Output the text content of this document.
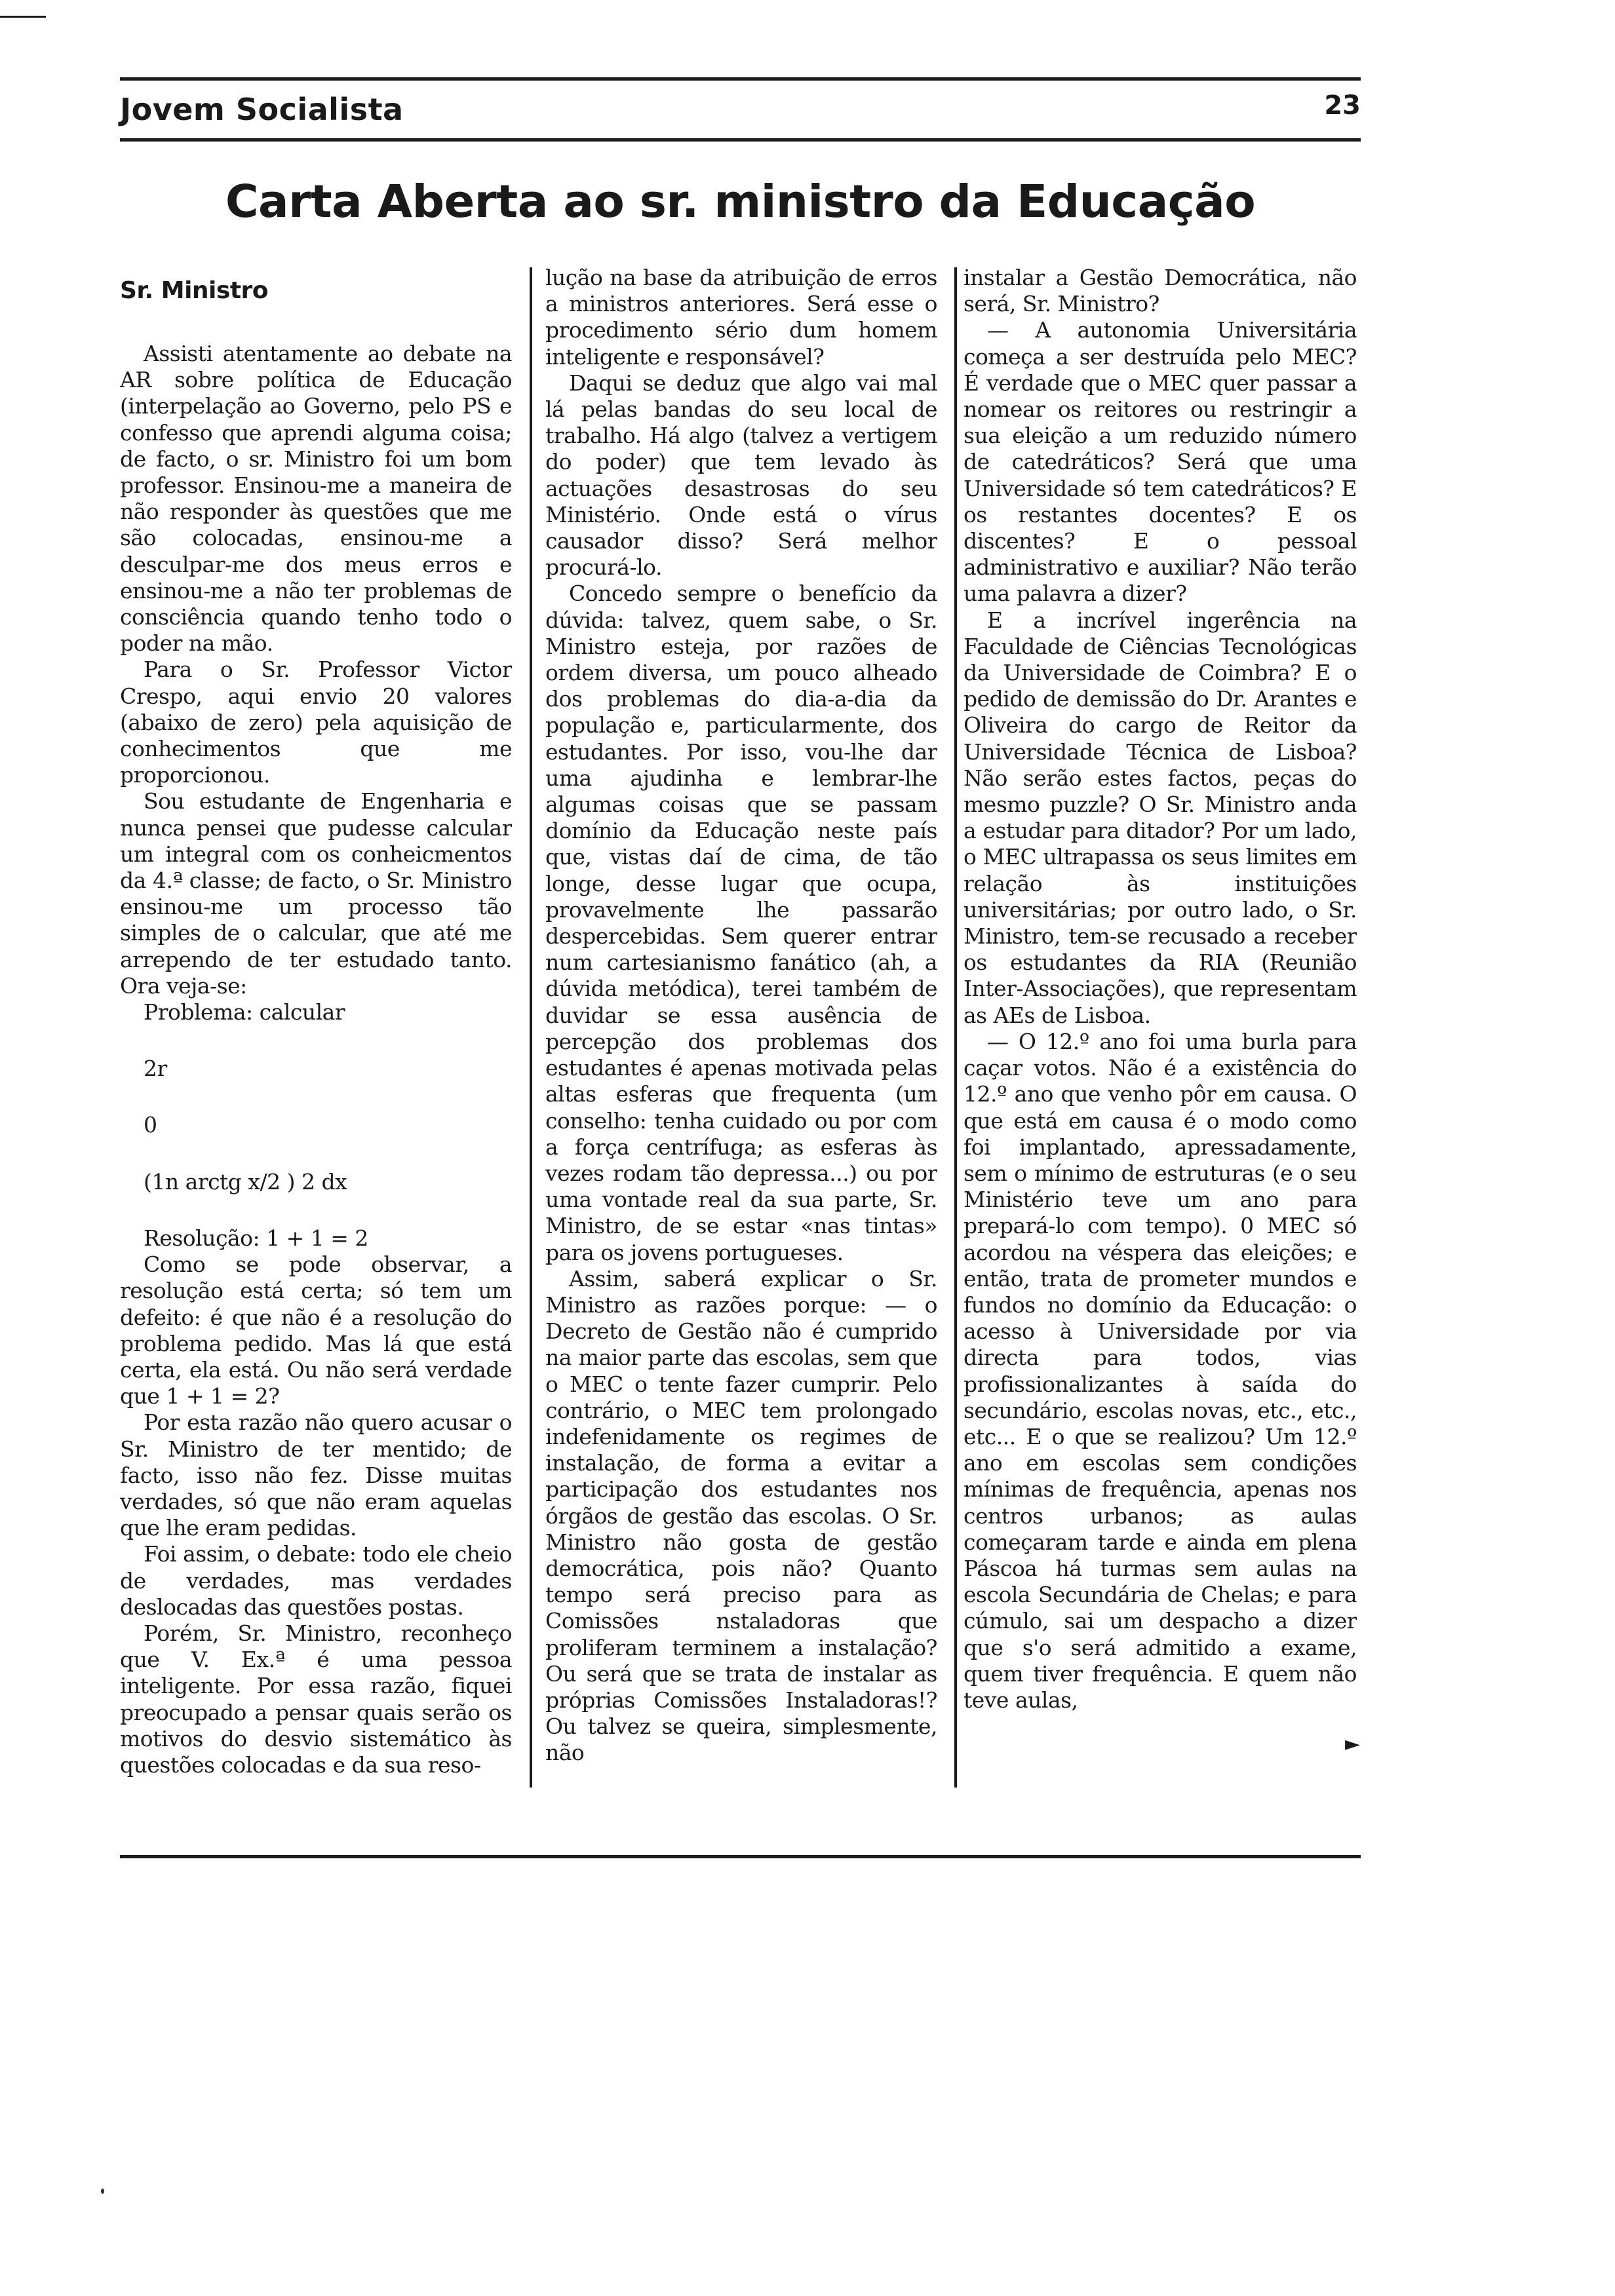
Jovem Socialista	23
Carta Aberta ao sr. ministro da Educação

Sr. Ministro

Assisti atentamente ao debate na AR sobre política de Educação (interpelação ao Governo, pelo PS e confesso que aprendi alguma coisa; de facto, o sr. Ministro foi um bom professor. Ensinou-me a maneira de não responder às questões que me são colocadas, ensinou-me a desculpar-me dos meus erros e ensinou-me a não ter problemas de consciência quando tenho todo o poder na mão.

Para o Sr. Professor Victor Crespo, aqui envio 20 valores (abaixo de zero) pela aquisição de conhecimentos que me proporcionou.

Sou estudante de Engenharia e nunca pensei que pudesse calcular um integral com os conheicmentos da 4.ª classe; de facto, o Sr. Ministro ensinou-me um processo tão simples de o calcular, que até me arrependo de ter estudado tanto. Ora veja-se:

Problema: calcular

2r

0

(1n arctg x/2 ) 2 dx

Resolução: 1 + 1 = 2

Como se pode observar, a resolução está certa; só tem um defeito: é que não é a resolução do problema pedido. Mas lá que está certa, ela está. Ou não será verdade que 1 + 1 = 2?

Por esta razão não quero acusar o Sr. Ministro de ter mentido; de facto, isso não fez. Disse muitas verdades, só que não eram aquelas que lhe eram pedidas.

Foi assim, o debate: todo ele cheio de verdades, mas verdades deslocadas das questões postas.

Porém, Sr. Ministro, reconheço que V. Ex.ª é uma pessoa inteligente. Por essa razão, fiquei preocupado a pensar quais serão os motivos do desvio sistemático às questões colocadas e da sua reso-

lução na base da atribuição de erros a ministros anteriores. Será esse o procedimento sério dum homem inteligente e responsável?

Daqui se deduz que algo vai mal lá pelas bandas do seu local de trabalho. Há algo (talvez a vertigem do poder) que tem levado às actuações desastrosas do seu Ministério. Onde está o vírus causador disso? Será melhor procurá-lo.

Concedo sempre o benefício da dúvida: talvez, quem sabe, o Sr. Ministro esteja, por razões de ordem diversa, um pouco alheado dos problemas do dia-a-dia da população e, particularmente, dos estudantes. Por isso, vou-lhe dar uma ajudinha e lembrar-lhe algumas coisas que se passam domínio da Educação neste país que, vistas daí de cima, de tão longe, desse lugar que ocupa, provavelmente lhe passarão despercebidas. Sem querer entrar num cartesianismo fanático (ah, a dúvida metódica), terei também de duvidar se essa ausência de percepção dos problemas dos estudantes é apenas motivada pelas altas esferas que frequenta (um conselho: tenha cuidado ou por com a força centrífuga; as esferas às vezes rodam tão depressa...) ou por uma vontade real da sua parte, Sr. Ministro, de se estar «nas tintas» para os jovens portugueses.

Assim, saberá explicar o Sr. Ministro as razões porque: — o Decreto de Gestão não é cumprido na maior parte das escolas, sem que o MEC o tente fazer cumprir. Pelo contrário, o MEC tem prolongado indefenidamente os regimes de instalação, de forma a evitar a participação dos estudantes nos órgãos de gestão das escolas. O Sr. Ministro não gosta de gestão democrática, pois não? Quanto tempo será preciso para as Comissões nstaladoras que proliferam terminem a instalação? Ou será que se trata de instalar as próprias Comissões Instaladoras!? Ou talvez se queira, simplesmente, não

instalar a Gestão Democrática, não será, Sr. Ministro?

— A autonomia Universitária começa a ser destruída pelo MEC? É verdade que o MEC quer passar a nomear os reitores ou restringir a sua eleição a um reduzido número de catedráticos? Será que uma Universidade só tem catedráticos? E os restantes docentes? E os discentes? E o pessoal administrativo e auxiliar? Não terão uma palavra a dizer?

E a incrível ingerência na Faculdade de Ciências Tecnológicas da Universidade de Coimbra? E o pedido de demissão do Dr. Arantes e Oliveira do cargo de Reitor da Universidade Técnica de Lisboa? Não serão estes factos, peças do mesmo puzzle? O Sr. Ministro anda a estudar para ditador? Por um lado, o MEC ultrapassa os seus limites em relação às instituições universitárias; por outro lado, o Sr. Ministro, tem-se recusado a receber os estudantes da RIA (Reunião Inter-Associações), que representam as AEs de Lisboa.

— O 12.º ano foi uma burla para caçar votos. Não é a existência do 12.º ano que venho pôr em causa. O que está em causa é o modo como foi implantado, apressadamente, sem o mínimo de estruturas (e o seu Ministério teve um ano para prepará-lo com tempo). 0 MEC só acordou na véspera das eleições; e então, trata de prometer mundos e fundos no domínio da Educação: o acesso à Universidade por via directa para todos, vias profissionalizantes à saída do secundário, escolas novas, etc., etc., etc... E o que se realizou? Um 12.º ano em escolas sem condições mínimas de frequência, apenas nos centros urbanos; as aulas começaram tarde e ainda em plena Páscoa há turmas sem aulas na escola Secundária de Chelas; e para cúmulo, sai um despacho a dizer que s'o será admitido a exame, quem tiver frequência. E quem não teve aulas,

►
